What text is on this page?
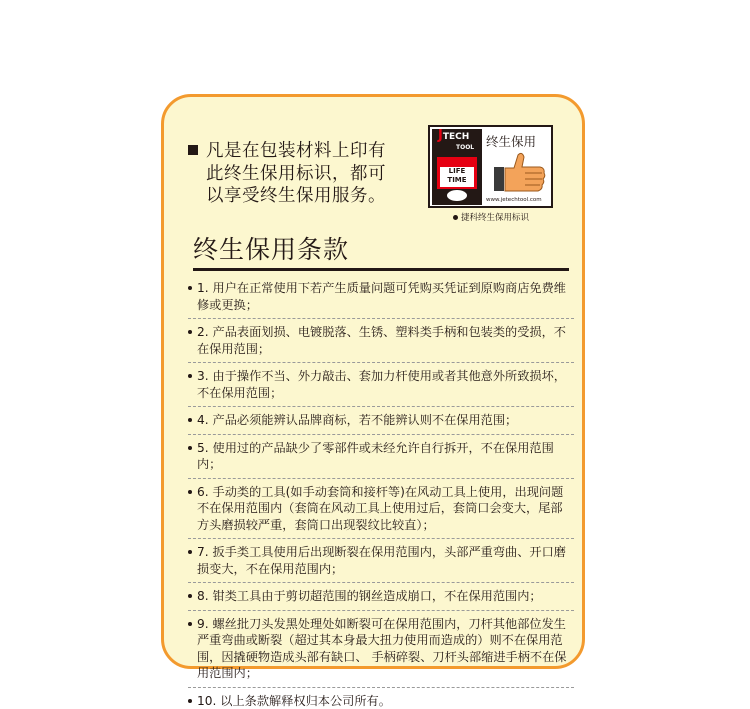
凡是在包装材料上印有
此终生保用标识，都可
以享受终生保用服务。
JTECH
TOOL
LIFE
TIME
终生保用
www.jetechtool.com
捷科终生保用标识
终生保用条款
1. 用户在正常使用下若产生质量问题可凭购买凭证到原购商店免费维修或更换；
2. 产品表面划损、电镀脱落、生锈、塑料类手柄和包装类的受损，不在保用范围；
3. 由于操作不当、外力敲击、套加力杆使用或者其他意外所致损坏，不在保用范围；
4. 产品必须能辨认品牌商标，若不能辨认则不在保用范围；
5. 使用过的产品缺少了零部件或未经允许自行拆开，不在保用范围内；
6. 手动类的工具(如手动套筒和接杆等)在风动工具上使用，出现问题不在保用范围内（套筒在风动工具上使用过后，套筒口会变大，尾部方头磨损较严重，套筒口出现裂纹比较直）；
7. 扳手类工具使用后出现断裂在保用范围内，头部严重弯曲、开口磨损变大，不在保用范围内；
8. 钳类工具由于剪切超范围的钢丝造成崩口，不在保用范围内；
9. 螺丝批刀头发黑处理处如断裂可在保用范围内，刀杆其他部位发生严重弯曲或断裂（超过其本身最大扭力使用而造成的）则不在保用范围，因撬硬物造成头部有缺口、 手柄碎裂、刀杆头部缩进手柄不在保用范围内；
10. 以上条款解释权归本公司所有。
